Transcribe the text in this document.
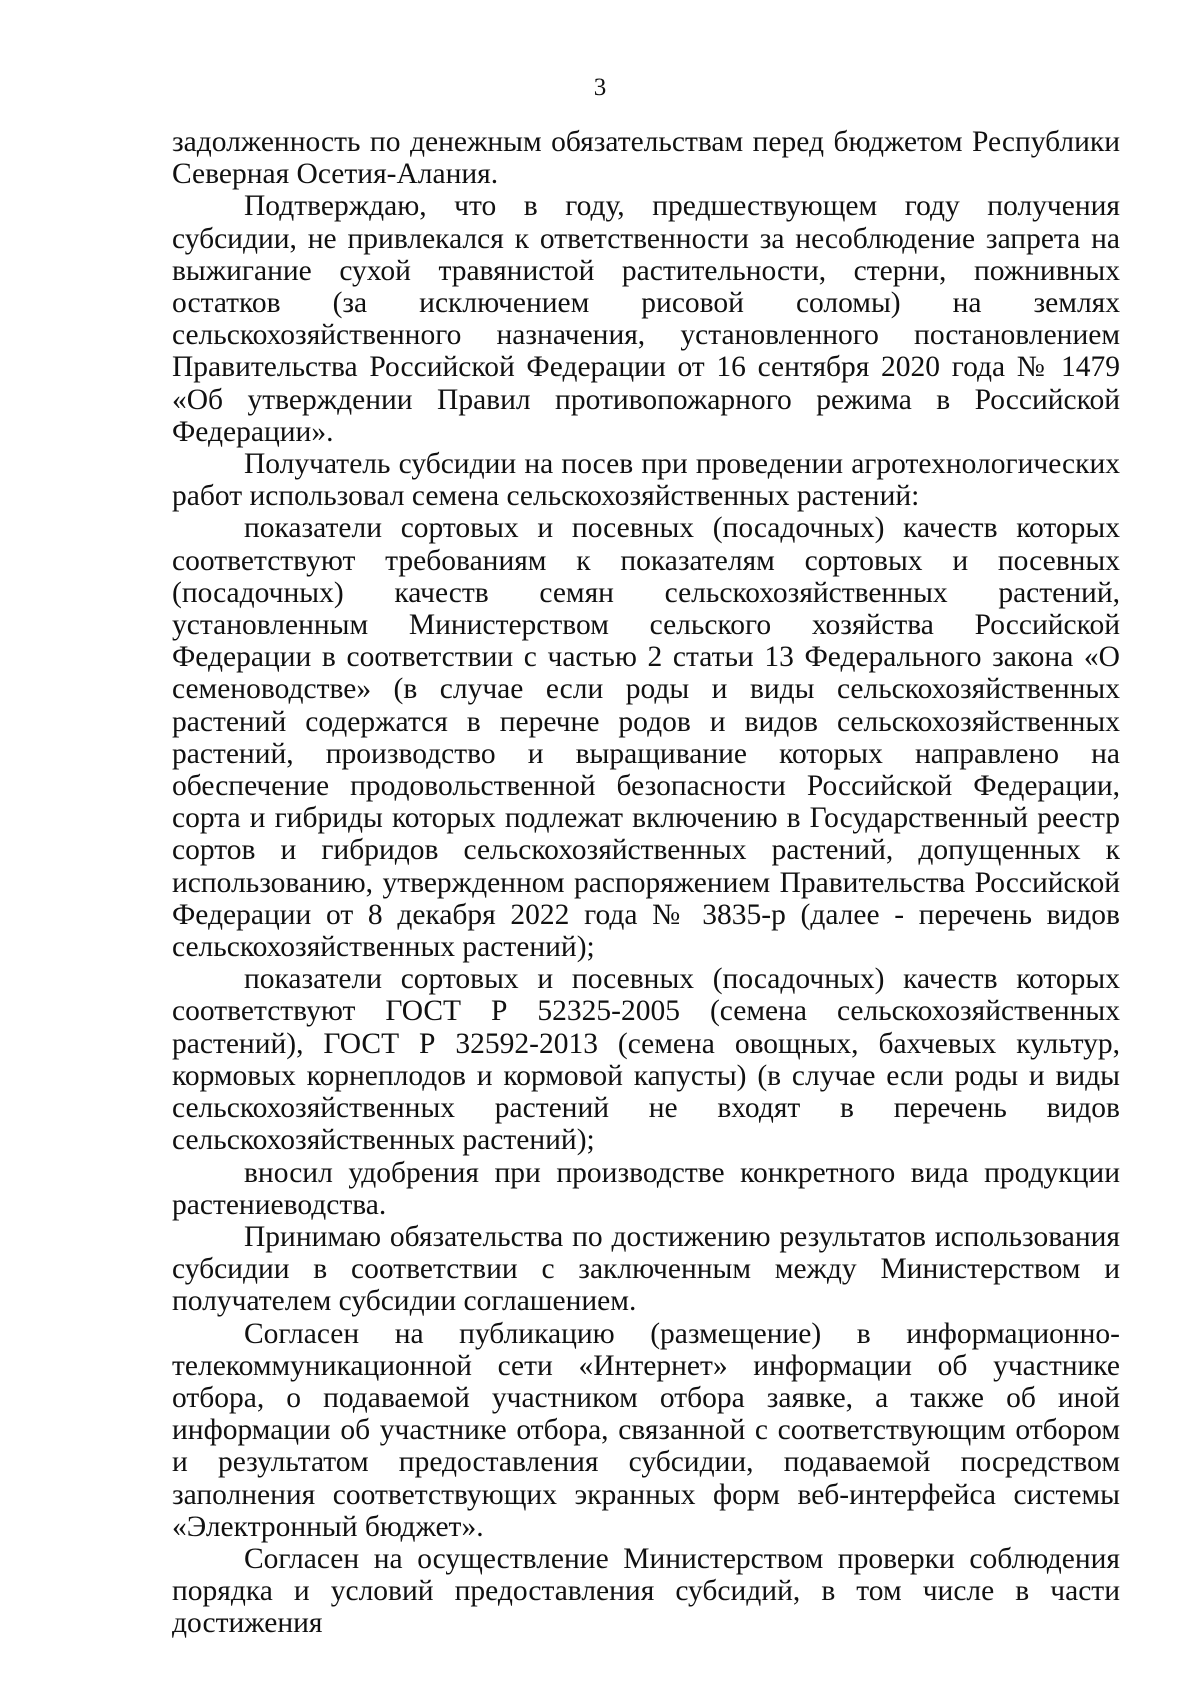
3

задолженность по денежным обязательствам перед бюджетом Республики Северная Осетия-Алания.

Подтверждаю, что в году, предшествующем году получения субсидии, не привлекался к ответственности за несоблюдение запрета на выжигание сухой травянистой растительности, стерни, пожнивных остатков (за исключением рисовой соломы) на землях сельскохозяйственного назначения, установленного постановлением Правительства Российской Федерации от 16 сентября 2020 года № 1479 «Об утверждении Правил противопожарного режима в Российской Федерации».

Получатель субсидии на посев при проведении агротехнологических работ использовал семена сельскохозяйственных растений:

показатели сортовых и посевных (посадочных) качеств которых соответствуют требованиям к показателям сортовых и посевных (посадочных) качеств семян сельскохозяйственных растений, установленным Министерством сельского хозяйства Российской Федерации в соответствии с частью 2 статьи 13 Федерального закона «О семеноводстве» (в случае если роды и виды сельскохозяйственных растений содержатся в перечне родов и видов сельскохозяйственных растений, производство и выращивание которых направлено на обеспечение продовольственной безопасности Российской Федерации, сорта и гибриды которых подлежат включению в Государственный реестр сортов и гибридов сельскохозяйственных растений, допущенных к использованию, утвержденном распоряжением Правительства Российской Федерации от 8 декабря 2022 года № 3835-р (далее - перечень видов сельскохозяйственных растений);

показатели сортовых и посевных (посадочных) качеств которых соответствуют ГОСТ Р 52325-2005 (семена сельскохозяйственных растений), ГОСТ Р 32592-2013 (семена овощных, бахчевых культур, кормовых корнеплодов и кормовой капусты) (в случае если роды и виды сельскохозяйственных растений не входят в перечень видов сельскохозяйственных растений);

вносил удобрения при производстве конкретного вида продукции растениеводства.

Принимаю обязательства по достижению результатов использования субсидии в соответствии с заключенным между Министерством и получателем субсидии соглашением.

Согласен на публикацию (размещение) в информационно-телекоммуникационной сети «Интернет» информации об участнике отбора, о подаваемой участником отбора заявке, а также об иной информации об участнике отбора, связанной с соответствующим отбором и результатом предоставления субсидии, подаваемой посредством заполнения соответствующих экранных форм веб-интерфейса системы «Электронный бюджет».

Согласен на осуществление Министерством проверки соблюдения порядка и условий предоставления субсидий, в том числе в части достижения
